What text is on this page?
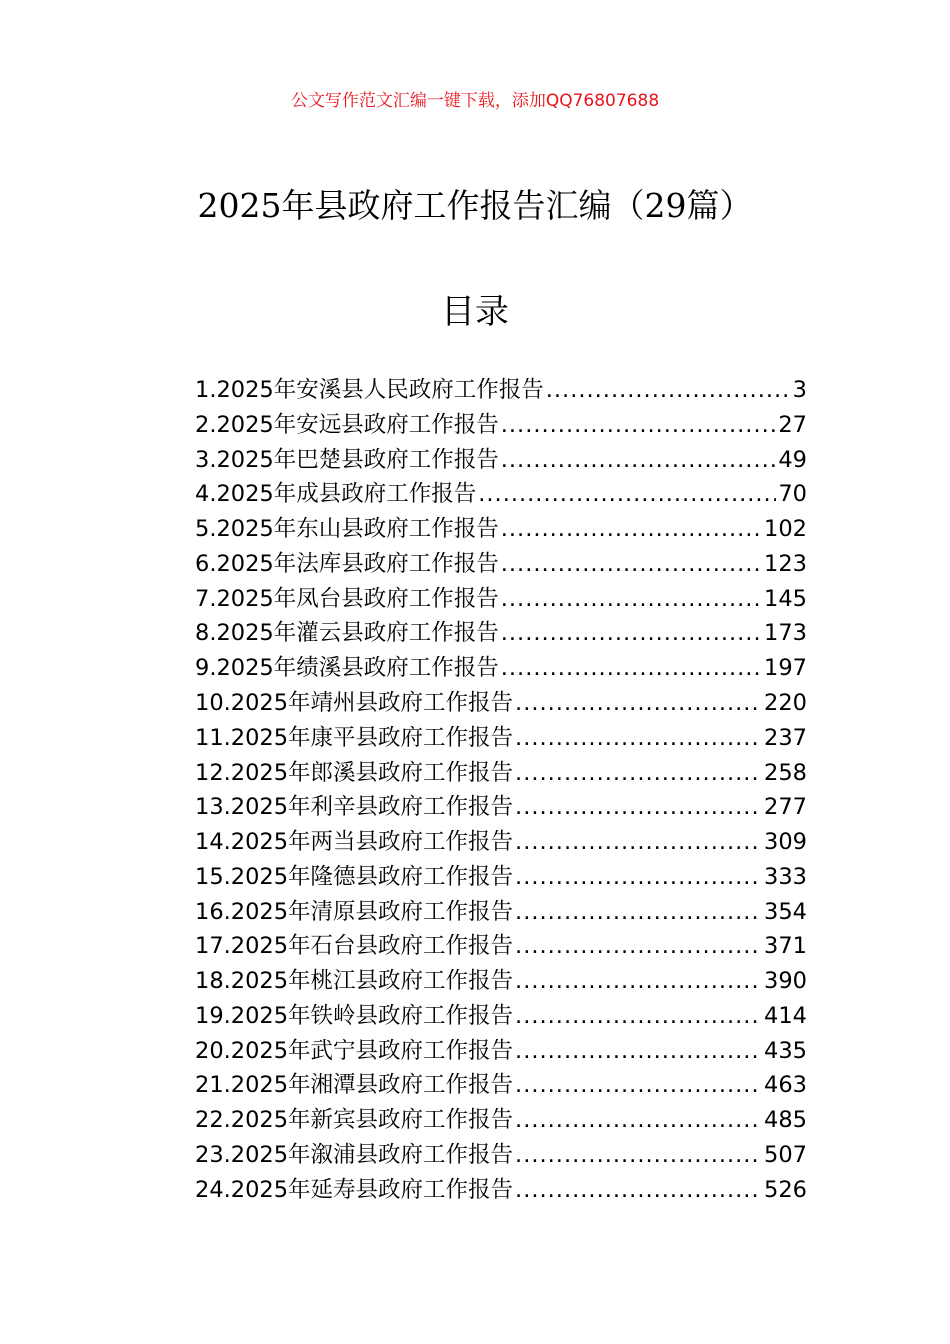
公文写作范文汇编一键下载，添加QQ76807688
2025年县政府工作报告汇编（29篇）
目录
1.2025年安溪县人民政府工作报告 .....	3
2.2025年安远县政府工作报告 .....	27
3.2025年巴楚县政府工作报告 .....	49
4.2025年成县政府工作报告 .....	70
5.2025年东山县政府工作报告 .....	102
6.2025年法库县政府工作报告 .....	123
7.2025年凤台县政府工作报告 .....	145
8.2025年灌云县政府工作报告 .....	173
9.2025年绩溪县政府工作报告 .....	197
10.2025年靖州县政府工作报告 .....	220
11.2025年康平县政府工作报告 .....	237
12.2025年郎溪县政府工作报告 .....	258
13.2025年利辛县政府工作报告 .....	277
14.2025年两当县政府工作报告 .....	309
15.2025年隆德县政府工作报告 .....	333
16.2025年清原县政府工作报告 .....	354
17.2025年石台县政府工作报告 .....	371
18.2025年桃江县政府工作报告 .....	390
19.2025年铁岭县政府工作报告 .....	414
20.2025年武宁县政府工作报告 .....	435
21.2025年湘潭县政府工作报告 .....	463
22.2025年新宾县政府工作报告 .....	485
23.2025年溆浦县政府工作报告 .....	507
24.2025年延寿县政府工作报告 .....	526
